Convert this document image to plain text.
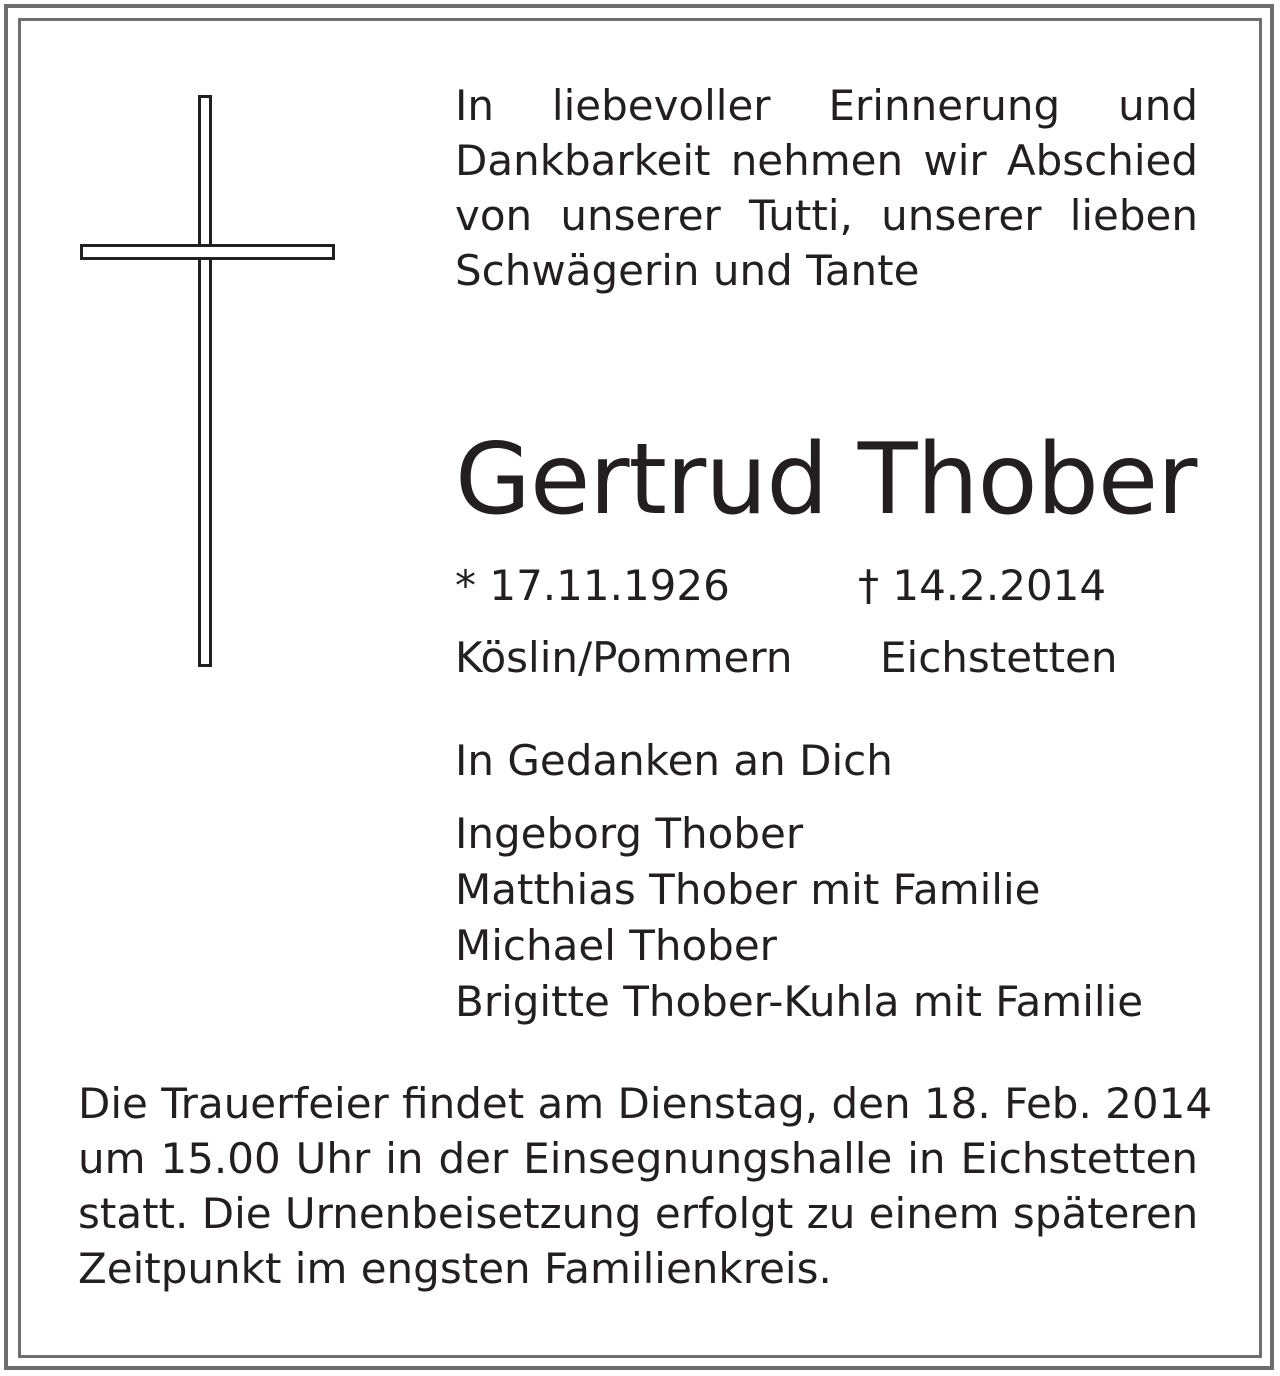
In liebevoller Erinnerung und
Dankbarkeit nehmen wir Abschied
von unserer Tutti, unserer lieben
Schwägerin und Tante
Gertrud Thober
* 17.11.1926	† 14.2.2014
Köslin/Pommern Eichstetten
In Gedanken an Dich
Ingeborg Thober
Matthias Thober mit Familie
Michael Thober
Brigitte Thober-Kuhla mit Familie
Die Trauerfeier findet am Dienstag, den 18. Feb. 2014
um 15.00 Uhr in der Einsegnungshalle in Eichstetten
statt. Die Urnenbeisetzung erfolgt zu einem späteren
Zeitpunkt im engsten Familienkreis.
